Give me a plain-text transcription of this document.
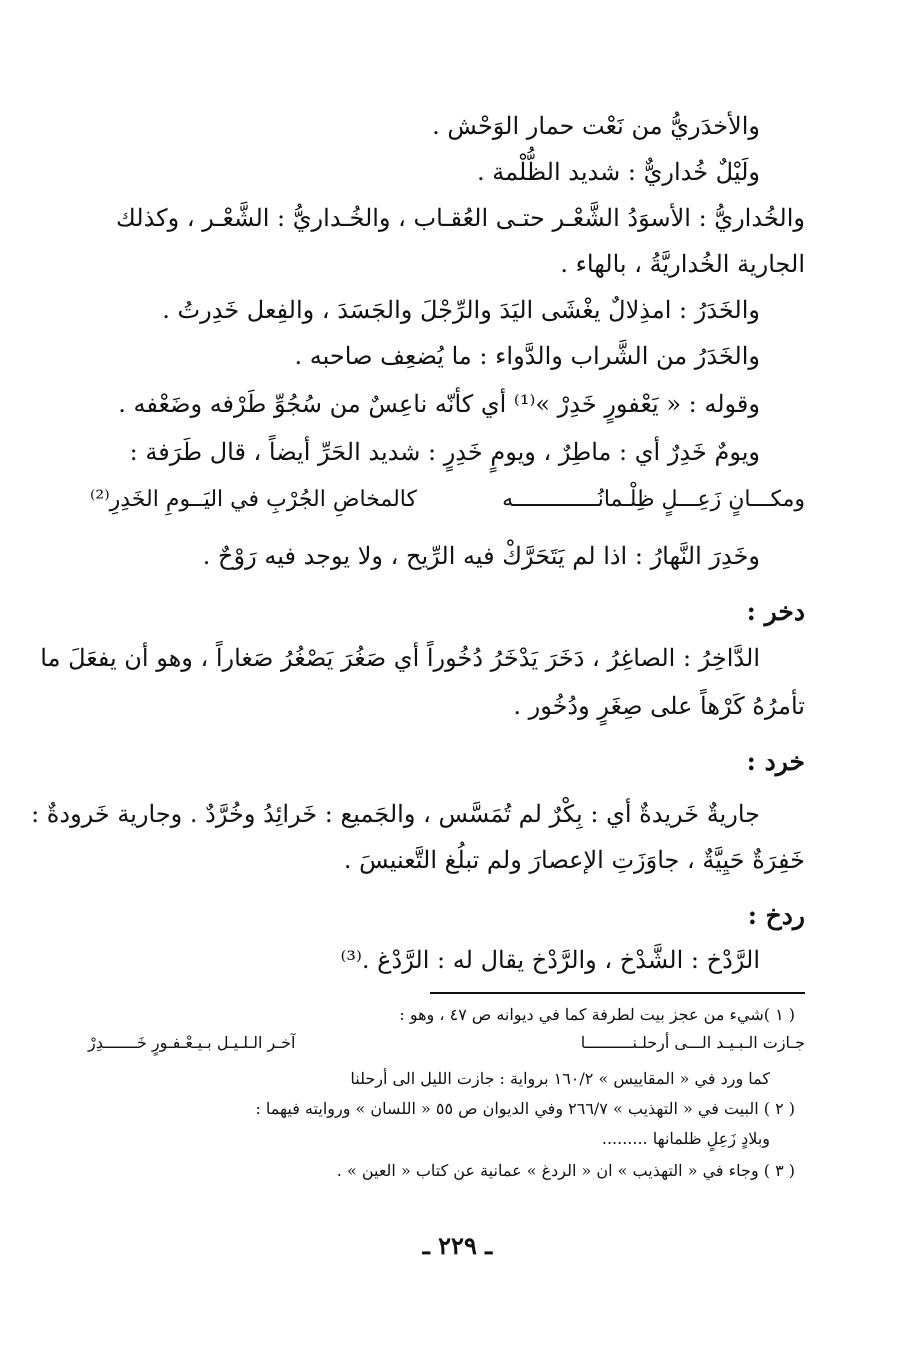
والأخدَريُّ من نَعْت حمار الوَحْش .
ولَيْلٌ خُداريٌّ : شديد الظُّلْمة .
والخُداريُّ : الأسوَدُ الشَّعْـر حتـى العُقـاب ، والخُـداريُّ : الشَّعْـر ، وكذلك
الجارية الخُداريَّةُ ، بالهاء .
والخَدَرُ : امذِلالٌ يغْشَى اليَدَ والرِّجْلَ والجَسَدَ ، والفِعل خَدِرتُ .
والخَدَرُ من الشَّراب والدَّواء : ما يُضعِف صاحبه .
وقوله : « يَعْفورٍ خَدِرْ »⁽¹⁾ أي كأنّه ناعِسٌ من سُجُوِّ طَرْفه وضَعْفه .
ويومٌ خَدِرٌ أي : ماطِرٌ ، ويومٍ خَدِرٍ : شديد الحَرِّ أيضاً ، قال طَرَفة :
ومكـــانٍ زَعِـــلٍ ظِلْـمانُـــــــــــــه
كالمخاضِ الجُرْبِ في اليَــومِ الخَدِرِ⁽²⁾
وخَدِرَ النَّهارُ : اذا لم يَتَحَرَّكْ فيه الرِّيح ، ولا يوجد فيه رَوْحٌ .
دخر :
الدَّاخِرُ : الصاغِرُ ، دَخَرَ يَدْخَرُ دُخُوراً أي صَغُرَ يَصْغُرُ صَغاراً ، وهو أن يفعَلَ ما
تأمرُهُ كَرْهاً على صِغَرٍ ودُخُور .
خرد :
جاريةٌ خَريدةٌ أي : بِكْرٌ لم تُمَسَّس ، والجَميع : خَرائِدُ وخُرَّدٌ . وجارية خَرودةٌ :
خَفِرَةٌ حَيِيَّةٌ ، جاوَزَتِ الإعصارَ ولم تبلُغ التَّعنيسَ .
ردخ :
الرَّدْخ : الشَّدْخ ، والرَّدْخ يقال له : الرَّدْغ .⁽³⁾
( ١ )شيء من عجز بيت لطرفة كما في ديوانه ص ٤٧ ، وهو :
جـازت الـبـيـد الـــى أرحلـنــــــــــا
آخـر الـلـيـل بـيـعْـفـورٍ خَـــــــدِرْ
كما ورد في « المقاييس » ١٦٠/٢ برواية : جازت الليل الى أرحلنا
( ٢ ) البيت في « التهذيب » ٢٦٦/٧ وفي الديوان ص ٥٥ « اللسان » وروايته فيهما :
وبلادٍ زَعِلٍ ظلمانها .........
( ٣ ) وجاء في « التهذيب » ان « الردغ » عمانية عن كتاب « العين » .
ـ ٢٢٩ ـ
